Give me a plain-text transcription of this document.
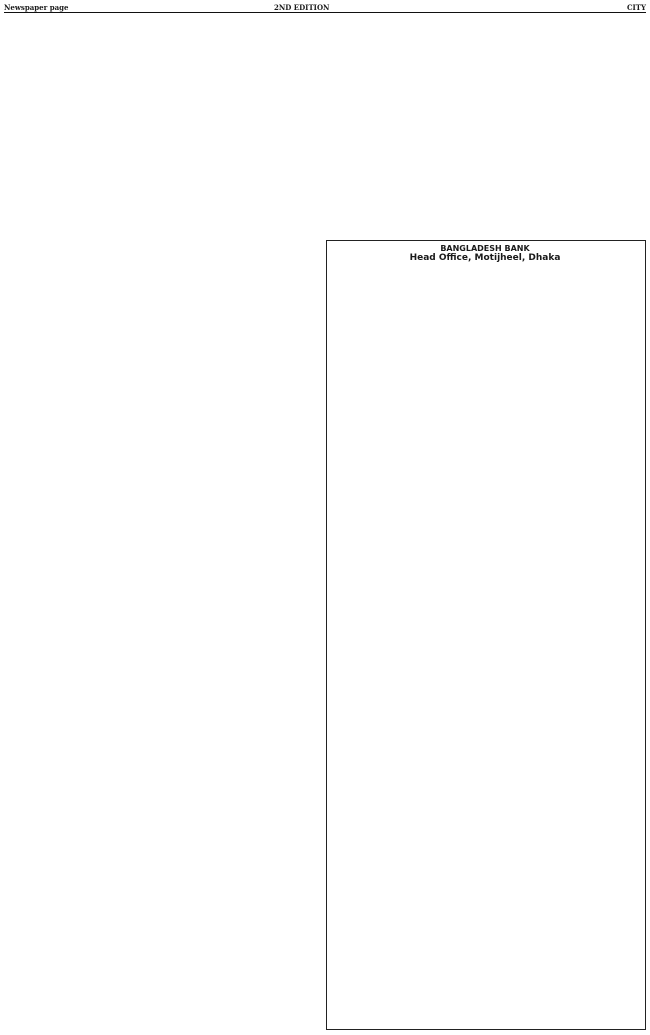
Newspaper page	2ND EDITION	CITY
BANGLADESH BANK
Head Office, Motijheel, Dhaka
